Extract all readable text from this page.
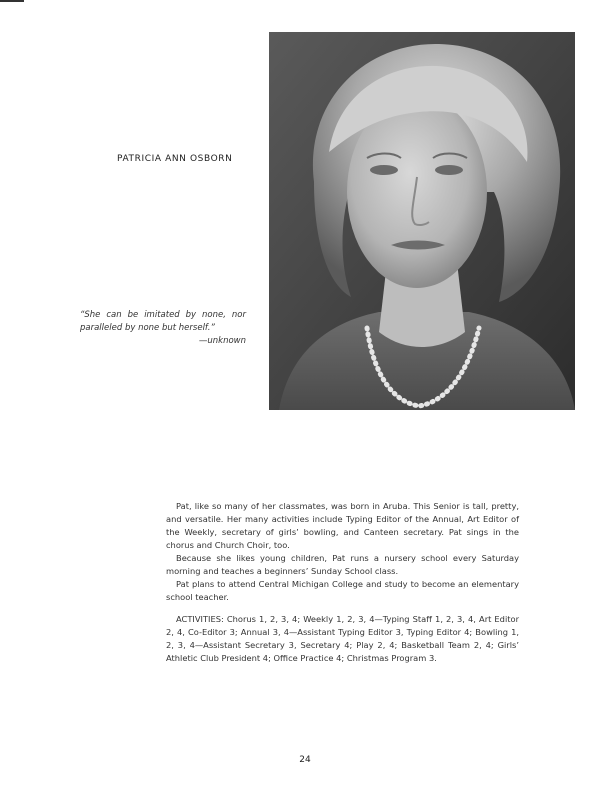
PATRICIA ANN OSBORN
“She can be imitated by none, nor paralleled by none but herself.”
—unknown

Pat, like so many of her classmates, was born in Aruba. This Senior is tall, pretty, and versatile. Her many activities include Typing Editor of the Annual, Art Editor of the Weekly, secretary of girls’ bowling, and Canteen secretary. Pat sings in the chorus and Church Choir, too.

Because she likes young children, Pat runs a nursery school every Saturday morning and teaches a beginners’ Sunday School class.

Pat plans to attend Central Michigan College and study to become an elementary school teacher.

ACTIVITIES: Chorus 1, 2, 3, 4; Weekly 1, 2, 3, 4—Typing Staff 1, 2, 3, 4, Art Editor 2, 4, Co-Editor 3; Annual 3, 4—Assistant Typing Editor 3, Typing Editor 4; Bowling 1, 2, 3, 4—Assistant Secretary 3, Secretary 4; Play 2, 4; Basketball Team 2, 4; Girls’ Athletic Club President 4; Office Practice 4; Christmas Program 3.

24
